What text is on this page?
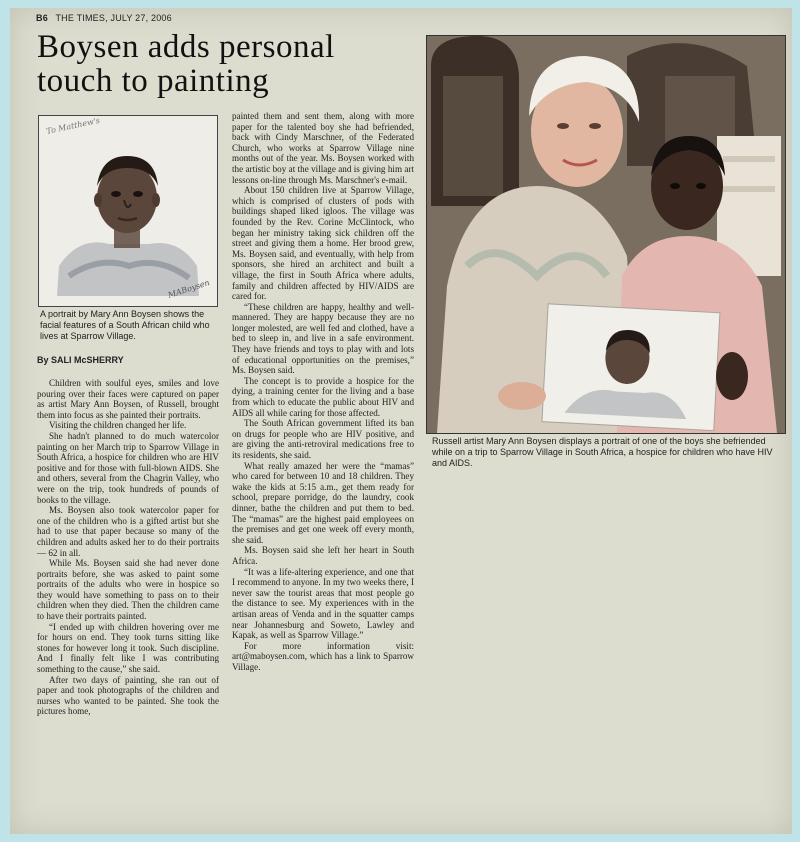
B6 THE TIMES, JULY 27, 2006
Boysen adds personal touch to painting
To Matthew's
MABoysen
A portrait by Mary Ann Boysen shows the facial features of a South African child who lives at Sparrow Village.
By SALI McSHERRY

Children with soulful eyes, smiles and love pouring over their faces were captured on paper as artist Mary Ann Boysen, of Russell, brought them into focus as she painted their portraits.

Visiting the children changed her life.

She hadn't planned to do much watercolor painting on her March trip to Sparrow Village in South Africa, a hospice for children who are HIV positive and for those with full-blown AIDS. She and others, several from the Chagrin Valley, who were on the trip, took hundreds of pounds of books to the village.

Ms. Boysen also took watercolor paper for one of the children who is a gifted artist but she had to use that paper because so many of the children and adults asked her to do their portraits — 62 in all.

While Ms. Boysen said she had never done portraits before, she was asked to paint some portraits of the adults who were in hospice so they would have something to pass on to their children when they died. Then the children came to have their portraits painted.

“I ended up with children hovering over me for hours on end. They took turns sitting like stones for however long it took. Such discipline. And I finally felt like I was contributing something to the cause,” she said.

After two days of painting, she ran out of paper and took photographs of the children and nurses who wanted to be painted. She took the pictures home,

painted them and sent them, along with more paper for the talented boy she had befriended, back with Cindy Marschner, of the Federated Church, who works at Sparrow Village nine months out of the year. Ms. Boysen worked with the artistic boy at the village and is giving him art lessons on-line through Ms. Marschner's e-mail.

About 150 children live at Sparrow Village, which is comprised of clusters of pods with buildings shaped liked igloos. The village was founded by the Rev. Corine McClintock, who began her ministry taking sick children off the street and giving them a home. Her brood grew, Ms. Boysen said, and eventually, with help from sponsors, she hired an architect and built a village, the first in South Africa where adults, family and children affected by HIV/AIDS are cared for.

“These children are happy, healthy and well-mannered. They are happy because they are no longer molested, are well fed and clothed, have a bed to sleep in, and live in a safe environment. They have friends and toys to play with and lots of educational opportunities on the premises,” Ms. Boysen said.

The concept is to provide a hospice for the dying, a training center for the living and a base from which to educate the public about HIV and AIDS all while caring for those affected.

The South African government lifted its ban on drugs for people who are HIV positive, and are giving the anti-retroviral medications free to its residents, she said.

What really amazed her were the “mamas” who cared for between 10 and 18 children. They wake the kids at 5:15 a.m., get them ready for school, prepare porridge, do the laundry, cook dinner, bathe the children and put them to bed. The “mamas” are the highest paid employees on the premises and get one week off every month, she said.

Ms. Boysen said she left her heart in South Africa.

“It was a life-altering experience, and one that I recommend to anyone. In my two weeks there, I never saw the tourist areas that most people go the distance to see. My experiences with in the artisan areas of Venda and in the squatter camps near Johannesburg and Soweto, Lawley and Kapak, as well as Sparrow Village.”

For more information visit: art@maboysen.com, which has a link to Sparrow Village.

Russell artist Mary Ann Boysen displays a portrait of one of the boys she befriended while on a trip to Sparrow Village in South Africa, a hospice for children who have HIV and AIDS.
